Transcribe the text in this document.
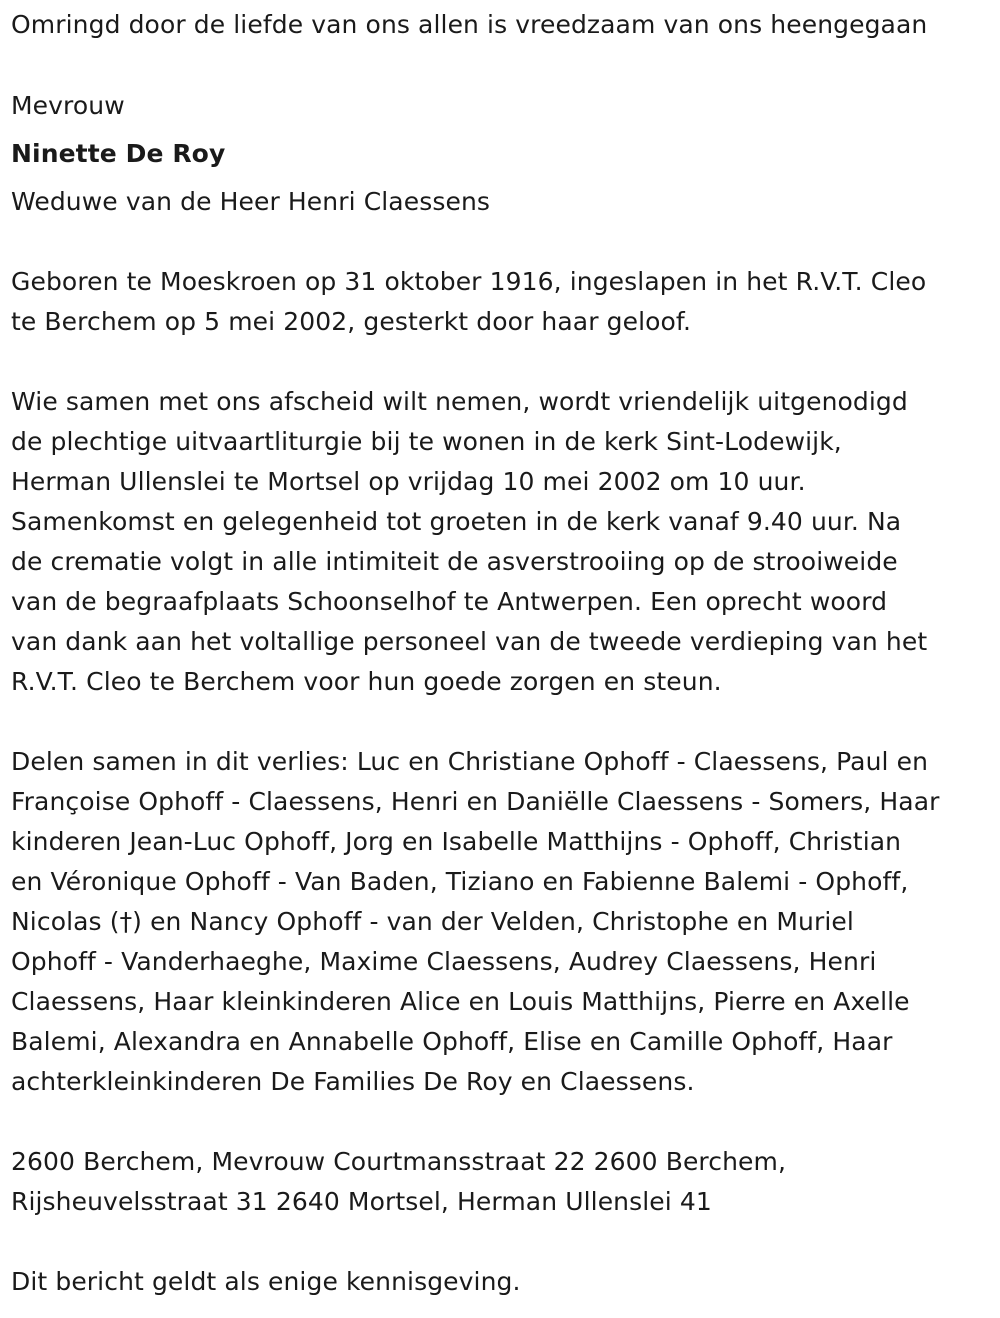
Omringd door de liefde van ons allen is vreedzaam van ons heengegaan

Mevrouw

Ninette De Roy

Weduwe van de Heer Henri Claessens

Geboren te Moeskroen op 31 oktober 1916, ingeslapen in het R.V.T. Cleo

te Berchem op 5 mei 2002, gesterkt door haar geloof.

Wie samen met ons afscheid wilt nemen, wordt vriendelijk uitgenodigd

de plechtige uitvaartliturgie bij te wonen in de kerk Sint-Lodewijk,

Herman Ullenslei te Mortsel op vrijdag 10 mei 2002 om 10 uur.

Samenkomst en gelegenheid tot groeten in de kerk vanaf 9.40 uur. Na

de crematie volgt in alle intimiteit de asverstrooiing op de strooiweide

van de begraafplaats Schoonselhof te Antwerpen. Een oprecht woord

van dank aan het voltallige personeel van de tweede verdieping van het

R.V.T. Cleo te Berchem voor hun goede zorgen en steun.

Delen samen in dit verlies: Luc en Christiane Ophoff - Claessens, Paul en

Françoise Ophoff - Claessens, Henri en Daniëlle Claessens - Somers, Haar

kinderen Jean-Luc Ophoff, Jorg en Isabelle Matthijns - Ophoff, Christian

en Véronique Ophoff - Van Baden, Tiziano en Fabienne Balemi - Ophoff,

Nicolas (†) en Nancy Ophoff - van der Velden, Christophe en Muriel

Ophoff - Vanderhaeghe, Maxime Claessens, Audrey Claessens, Henri

Claessens, Haar kleinkinderen Alice en Louis Matthijns, Pierre en Axelle

Balemi, Alexandra en Annabelle Ophoff, Elise en Camille Ophoff, Haar

achterkleinkinderen De Families De Roy en Claessens.

2600 Berchem, Mevrouw Courtmansstraat 22 2600 Berchem,

Rijsheuvelsstraat 31 2640 Mortsel, Herman Ullenslei 41

Dit bericht geldt als enige kennisgeving.
